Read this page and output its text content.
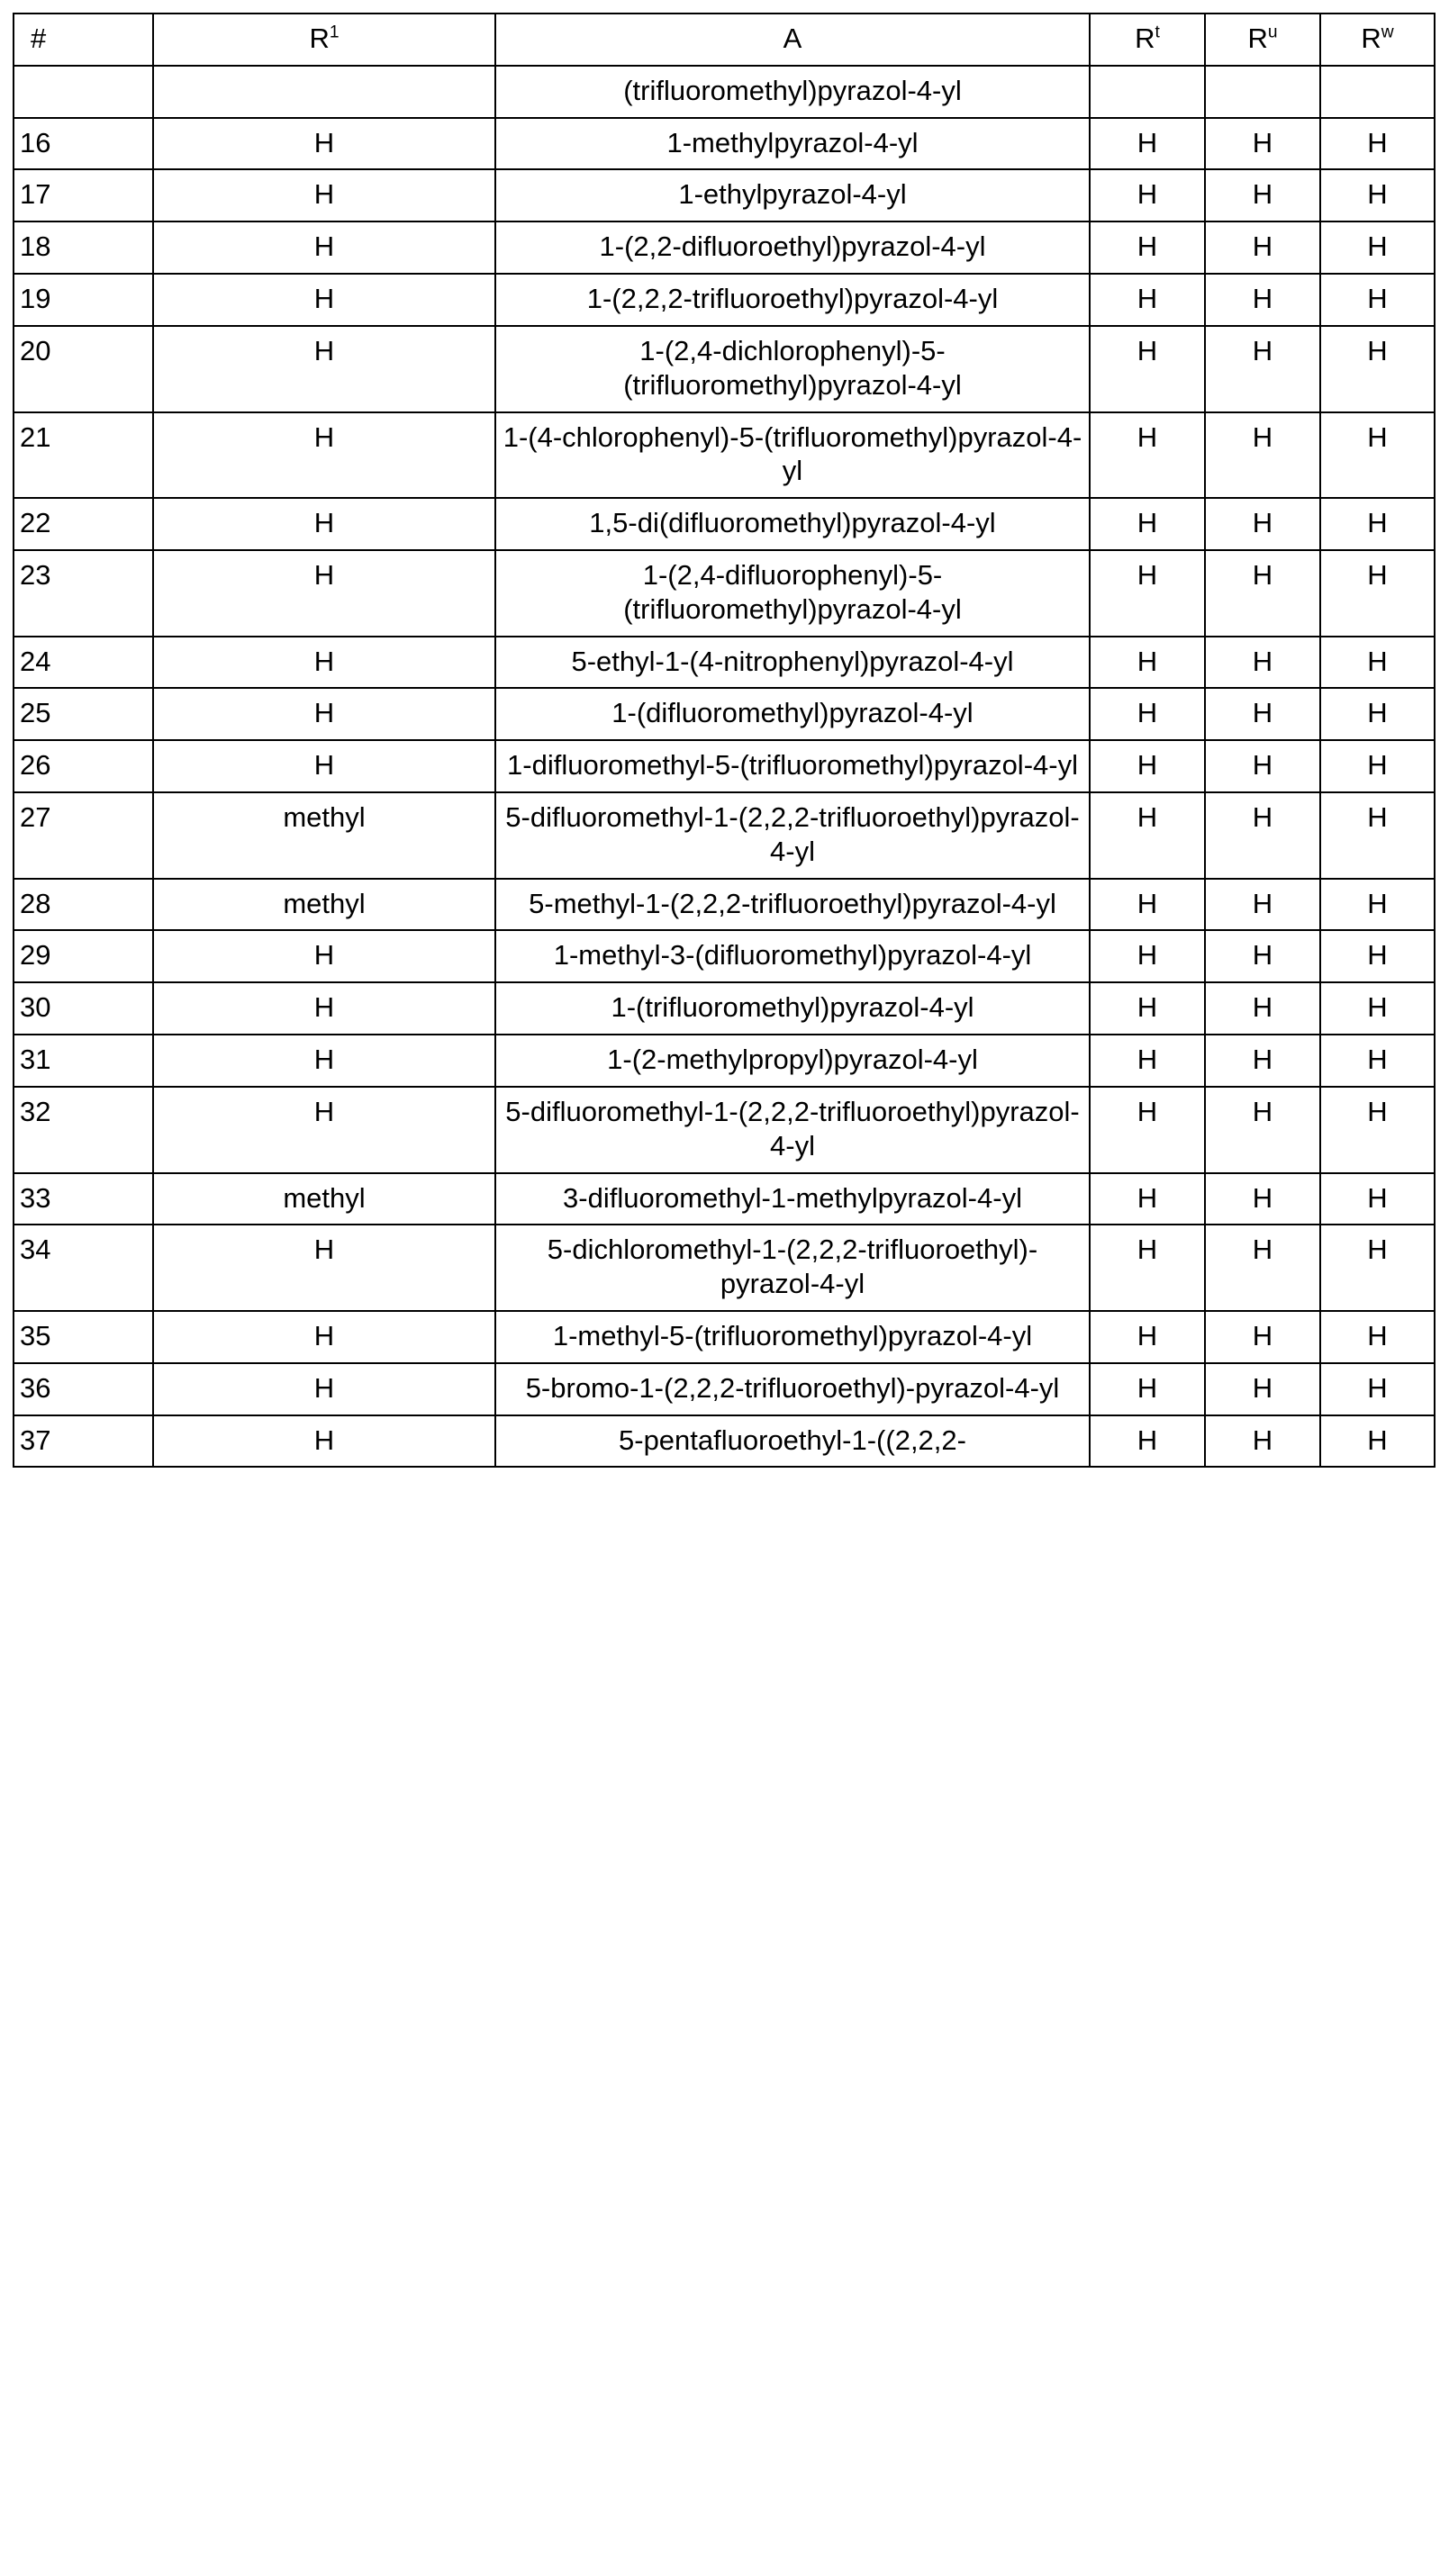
#	$R^1$	A	$R^t$	$R^u$	$R^w$
		(trifluoromethyl)pyrazol-4-yl			
16	H	1-methylpyrazol-4-yl	H	H	H
17	H	1-ethylpyrazol-4-yl	H	H	H
18	H	1-(2,2-difluoroethyl)pyrazol-4-yl	H	H	H
19	H	1-(2,2,2-trifluoroethyl)pyrazol-4-yl	H	H	H
20	H	1-(2,4-dichlorophenyl)-5-(trifluoromethyl)pyrazol-4-yl	H	H	H
21	H	1-(4-chlorophenyl)-5-(trifluoromethyl)pyrazol-4-yl	H	H	H
22	H	1,5-di(difluoromethyl)pyrazol-4-yl	H	H	H
23	H	1-(2,4-difluorophenyl)-5-(trifluoromethyl)pyrazol-4-yl	H	H	H
24	H	5-ethyl-1-(4-nitrophenyl)pyrazol-4-yl	H	H	H
25	H	1-(difluoromethyl)pyrazol-4-yl	H	H	H
26	H	1-difluoromethyl-5-(trifluoromethyl)pyrazol-4-yl	H	H	H
27	methyl	5-difluoromethyl-1-(2,2,2-trifluoroethyl)pyrazol-4-yl	H	H	H
28	methyl	5-methyl-1-(2,2,2-trifluoroethyl)pyrazol-4-yl	H	H	H
29	H	1-methyl-3-(difluoromethyl)pyrazol-4-yl	H	H	H
30	H	1-(trifluoromethyl)pyrazol-4-yl	H	H	H
31	H	1-(2-methylpropyl)pyrazol-4-yl	H	H	H
32	H	5-difluoromethyl-1-(2,2,2-trifluoroethyl)pyrazol-4-yl	H	H	H
33	methyl	3-difluoromethyl-1-methylpyrazol-4-yl	H	H	H
34	H	5-dichloromethyl-1-(2,2,2-trifluoroethyl)-pyrazol-4-yl	H	H	H
35	H	1-methyl-5-(trifluoromethyl)pyrazol-4-yl	H	H	H
36	H	5-bromo-1-(2,2,2-trifluoroethyl)-pyrazol-4-yl	H	H	H
37	H	5-pentafluoroethyl-1-((2,2,2-	H	H	H
